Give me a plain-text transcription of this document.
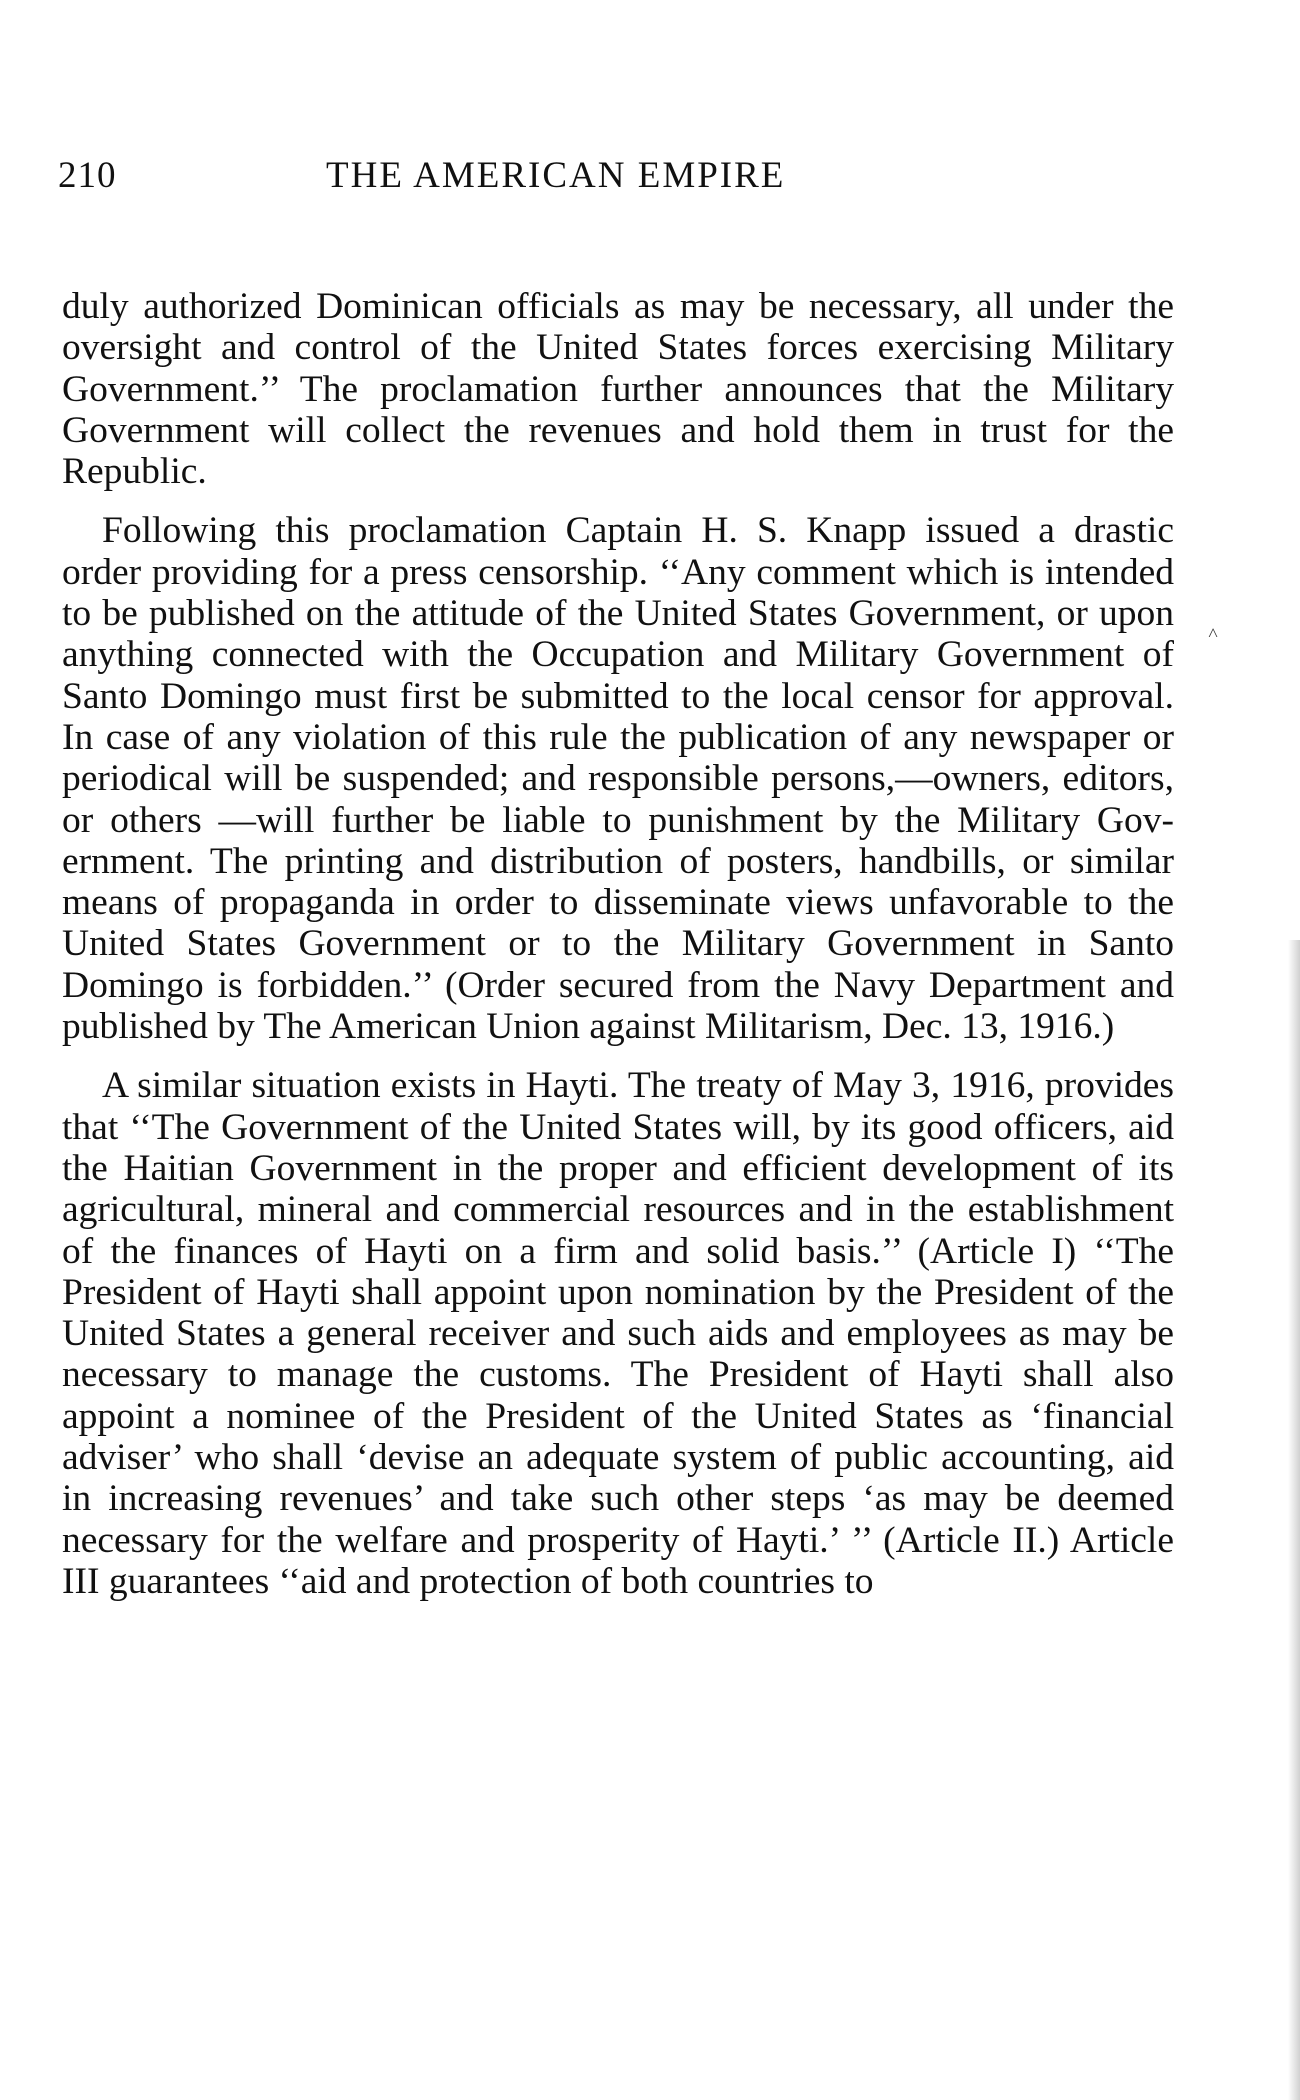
210	THE AMERICAN EMPIRE

duly authorized Dominican officials as may be necessary, all under the oversight and control of the United States forces exercising Military Government.’’ The proclamation further announces that the Military Government will collect the revenues and hold them in trust for the Republic.

Following this proclamation Captain H. S. Knapp issued a drastic order providing for a press censorship. ‘‘Any comment which is intended to be published on the attitude of the United States Government, or upon anything connected with the Occupation and Military Government of Santo Domingo must first be submitted to the local censor for approval. In case of any violation of this rule the publication of any newspaper or periodical will be suspended; and responsible persons,—owners, editors, or others —will further be liable to punishment by the Military Government. The printing and distribution of posters, handbills, or similar means of propaganda in order to disseminate views unfavorable to the United States Government or to the Military Government in Santo Domingo is forbidden.’’ (Order secured from the Navy Department and published by The American Union against Militarism, Dec. 13, 1916.)

A similar situation exists in Hayti. The treaty of May 3, 1916, provides that ‘‘The Government of the United States will, by its good officers, aid the Haitian Government in the proper and efficient development of its agricultural, mineral and commercial resources and in the establishment of the finances of Hayti on a firm and solid basis.’’ (Article I) ‘‘The President of Hayti shall appoint upon nomination by the President of the United States a general receiver and such aids and employees as may be necessary to manage the customs. The President of Hayti shall also appoint a nominee of the President of the United States as ‘financial adviser’ who shall ‘devise an adequate system of public accounting, aid in increasing revenues’ and take such other steps ‘as may be deemed necessary for the welfare and prosperity of Hayti.’ ’’ (Article II.) Article III guarantees ‘‘aid and protection of both countries to

˄
